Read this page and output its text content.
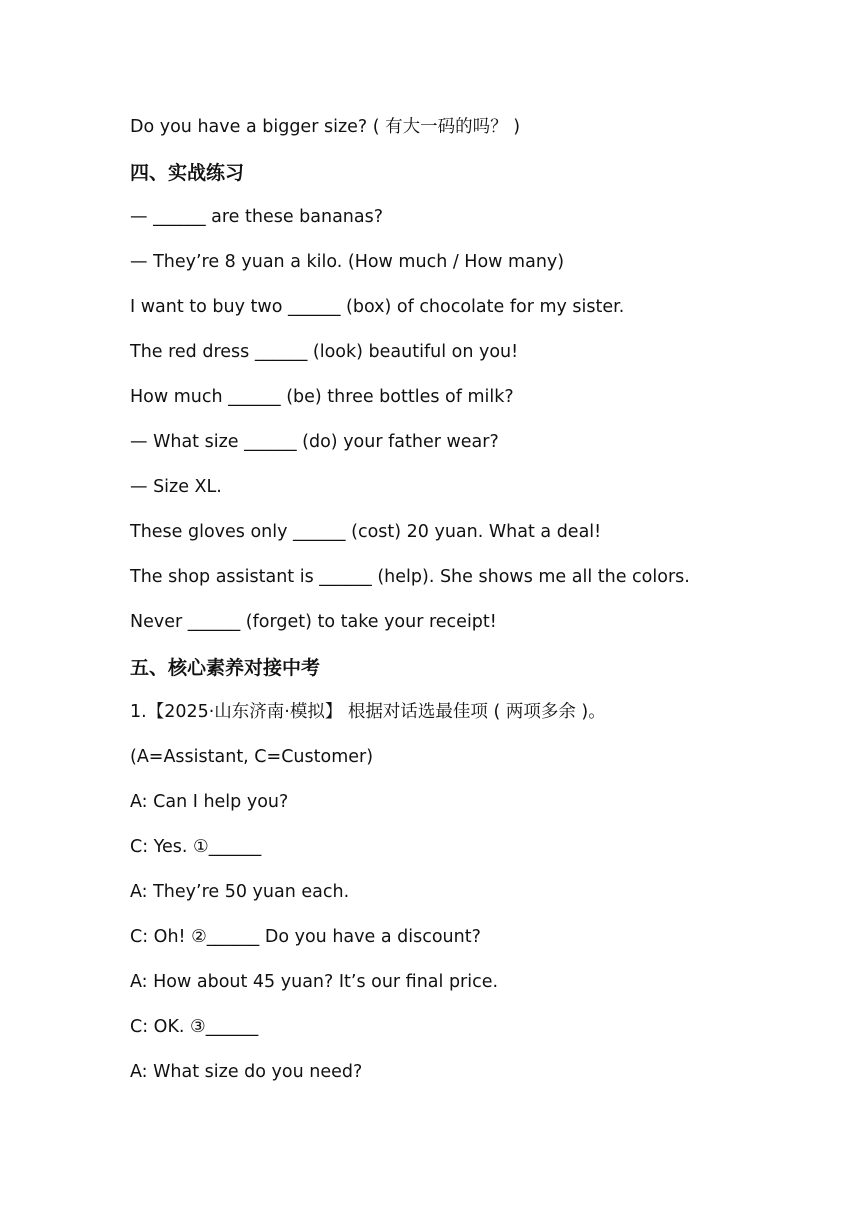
Do you have a bigger size? ( 有大一码的吗？ )
四、实战练习
— ______ are these bananas?
— They’re 8 yuan a kilo. (How much / How many)
I want to buy two ______ (box) of chocolate for my sister.
The red dress ______ (look) beautiful on you!
How much ______ (be) three bottles of milk?
— What size ______ (do) your father wear?
— Size XL.
These gloves only ______ (cost) 20 yuan. What a deal!
The shop assistant is ______ (help). She shows me all the colors.
Never ______ (forget) to take your receipt!
五、核心素养对接中考
1.【2025·山东济南·模拟】 根据对话选最佳项 ( 两项多余 )。
(A=Assistant, C=Customer)
A: Can I help you?
C: Yes. ①______
A: They’re 50 yuan each.
C: Oh! ②______ Do you have a discount?
A: How about 45 yuan? It’s our final price.
C: OK. ③______
A: What size do you need?
